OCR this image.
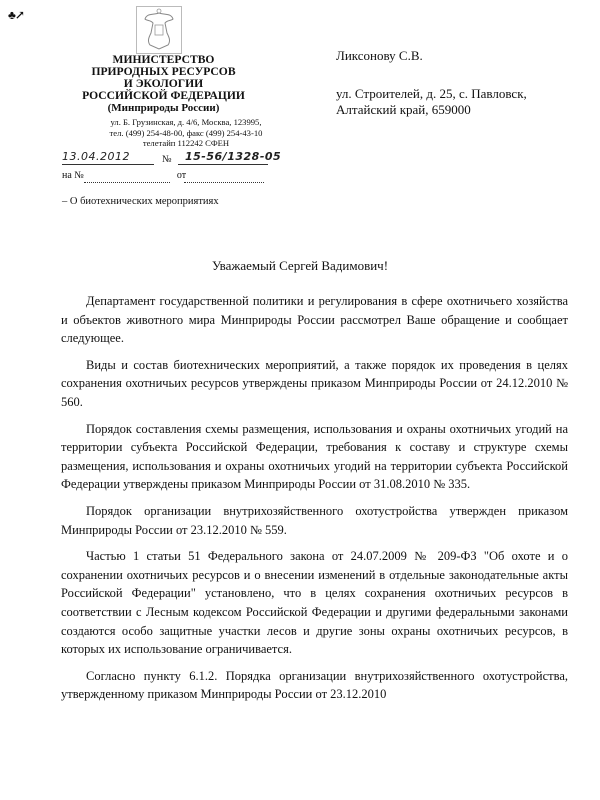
♣↗
МИНИСТЕРСТВО
ПРИРОДНЫХ РЕСУРСОВ
И ЭКОЛОГИИ
РОССИЙСКОЙ ФЕДЕРАЦИИ
(Минприроды России)
ул. Б. Грузинская, д. 4/6, Москва, 123995,
тел. (499) 254-48-00, факс (499) 254-43-10
телетайп 112242 СФЕН
13.04.2012	№ 15-56/1328-05
на №	от
– О биотехнических мероприятиях
Ликсонову С.В.
ул. Строителей, д. 25, с. Павловск,
Алтайский край, 659000
Уважаемый Сергей Вадимович!

Департамент государственной политики и регулирования в сфере охотничьего хозяйства и объектов животного мира Минприроды России рассмотрел Ваше обращение и сообщает следующее.

Виды и состав биотехнических мероприятий, а также порядок их проведения в целях сохранения охотничьих ресурсов утверждены приказом Минприроды России от 24.12.2010 № 560.

Порядок составления схемы размещения, использования и охраны охотничьих угодий на территории субъекта Российской Федерации, требования к составу и структуре схемы размещения, использования и охраны охотничьих угодий на территории субъекта Российской Федерации утверждены приказом Минприроды России от 31.08.2010 № 335.

Порядок организации внутрихозяйственного охотустройства утвержден приказом Минприроды России от 23.12.2010 № 559.

Частью 1 статьи 51 Федерального закона от 24.07.2009 № 209-ФЗ "Об охоте и о сохранении охотничьих ресурсов и о внесении изменений в отдельные законодательные акты Российской Федерации" установлено, что в целях сохранения охотничьих ресурсов в соответствии с Лесным кодексом Российской Федерации и другими федеральными законами создаются особо защитные участки лесов и другие зоны охраны охотничьих ресурсов, в которых их использование ограничивается.

Согласно пункту 6.1.2. Порядка организации внутрихозяйственного охотустройства, утвержденному приказом Минприроды России от 23.12.2010
